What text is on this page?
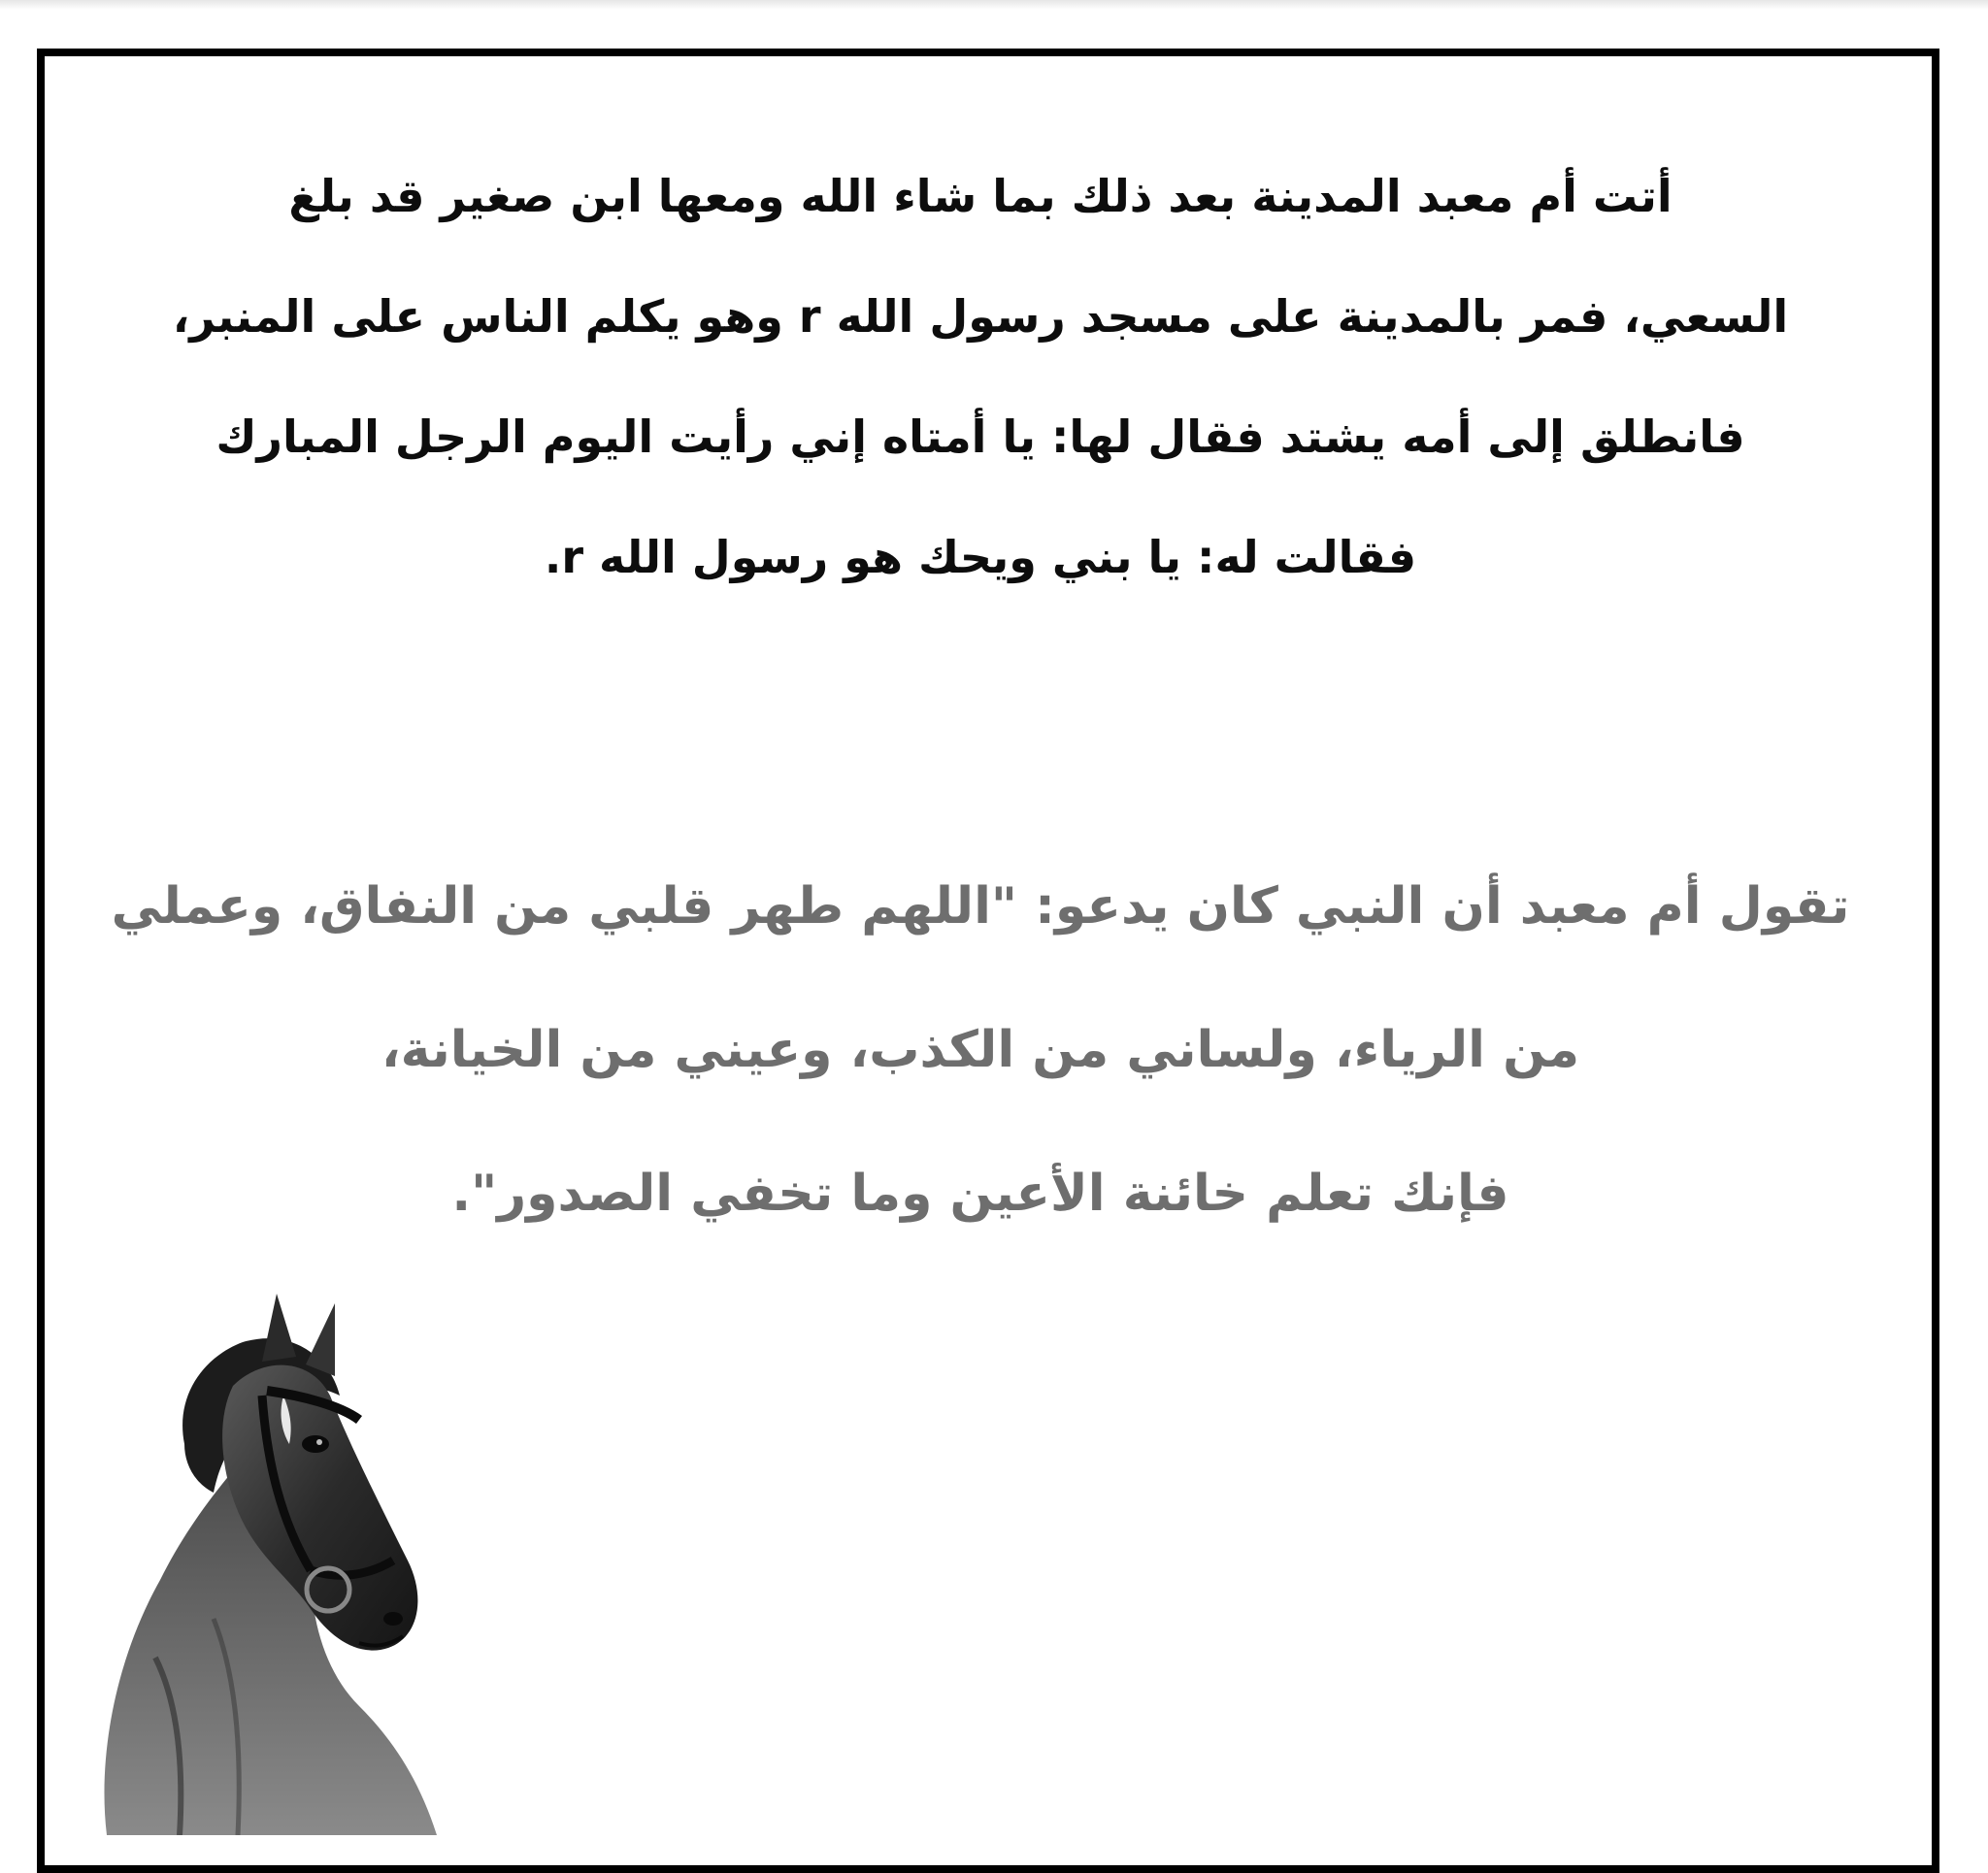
أتت أم معبد المدينة بعد ذلك بما شاء الله ومعها ابن صغير قد بلغ
السعي، فمر بالمدينة على مسجد رسول الله r وهو يكلم الناس على المنبر،
فانطلق إلى أمه يشتد فقال لها: يا أمتاه إني رأيت اليوم الرجل المبارك
فقالت له: يا بني ويحك هو رسول الله r.
تقول أم معبد أن النبي كان يدعو: "اللهم طهر قلبي من النفاق، وعملي
من الرياء، ولساني من الكذب، وعيني من الخيانة،
فإنك تعلم خائنة الأعين وما تخفي الصدور".
